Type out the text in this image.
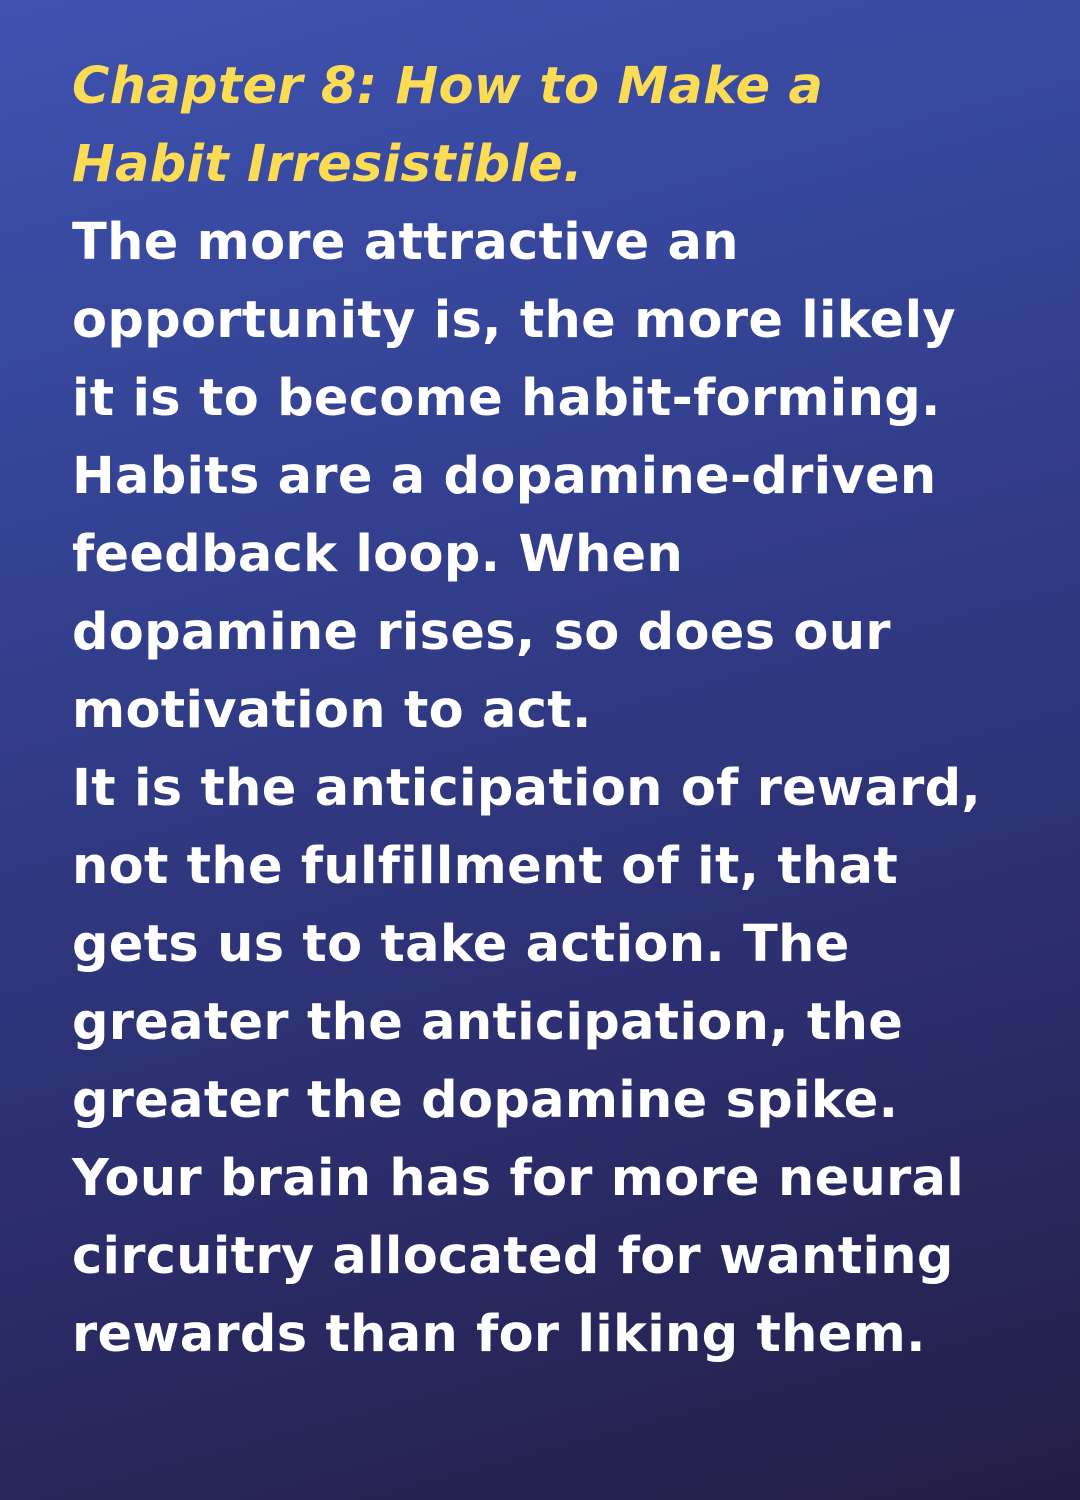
Chapter 8: How to Make a
Habit Irresistible.
The more attractive an
opportunity is, the more likely
it is to become habit-forming.
Habits are a dopamine-driven
feedback loop. When
dopamine rises, so does our
motivation to act.
It is the anticipation of reward,
not the fulfillment of it, that
gets us to take action. The
greater the anticipation, the
greater the dopamine spike.
Your brain has for more neural
circuitry allocated for wanting
rewards than for liking them.
